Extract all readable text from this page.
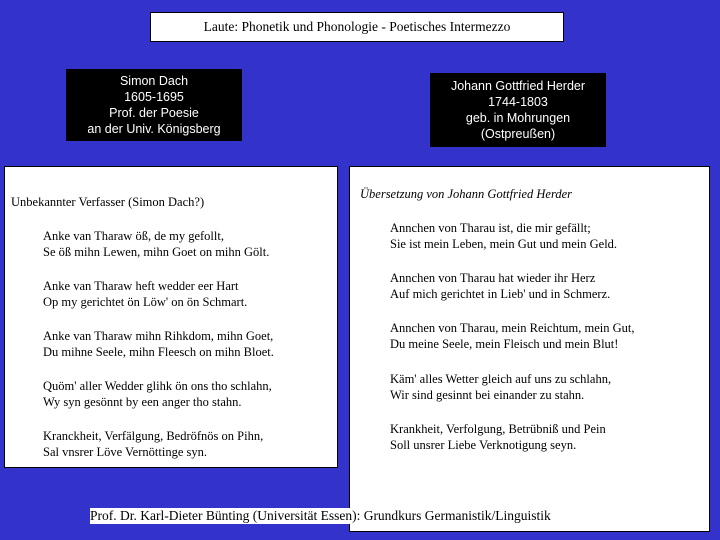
Laute: Phonetik und Phonologie - Poetisches Intermezzo
Simon Dach
1605-1695
Prof. der Poesie
an der Univ. Königsberg
Johann Gottfried Herder
1744-1803
geb. in Mohrungen
(Ostpreußen)
Unbekannter Verfasser (Simon Dach?)
Anke van Tharaw öß, de my gefollt,
Se öß mihn Lewen, mihn Goet on mihn Gölt.
Anke van Tharaw heft wedder eer Hart
Op my gerichtet ön Löw' on ön Schmart.
Anke van Tharaw mihn Rihkdom, mihn Goet,
Du mihne Seele, mihn Fleesch on mihn Bloet.
Quöm' aller Wedder glihk ön ons tho schlahn,
Wy syn gesönnt by een anger tho stahn.
Kranckheit, Verfälgung, Bedröfnös on Pihn,
Sal vnsrer Löve Vernöttinge syn.
Übersetzung von Johann Gottfried Herder
Annchen von Tharau ist, die mir gefällt;
Sie ist mein Leben, mein Gut und mein Geld.
Annchen von Tharau hat wieder ihr Herz
Auf mich gerichtet in Lieb' und in Schmerz.
Annchen von Tharau, mein Reichtum, mein Gut,
Du meine Seele, mein Fleisch und mein Blut!
Käm' alles Wetter gleich auf uns zu schlahn,
Wir sind gesinnt bei einander zu stahn.
Krankheit, Verfolgung, Betrübniß und Pein
Soll unsrer Liebe Verknotigung seyn.
Prof. Dr. Karl-Dieter Bünting (Universität Essen): Grundkurs Germanistik/Linguistik	22
